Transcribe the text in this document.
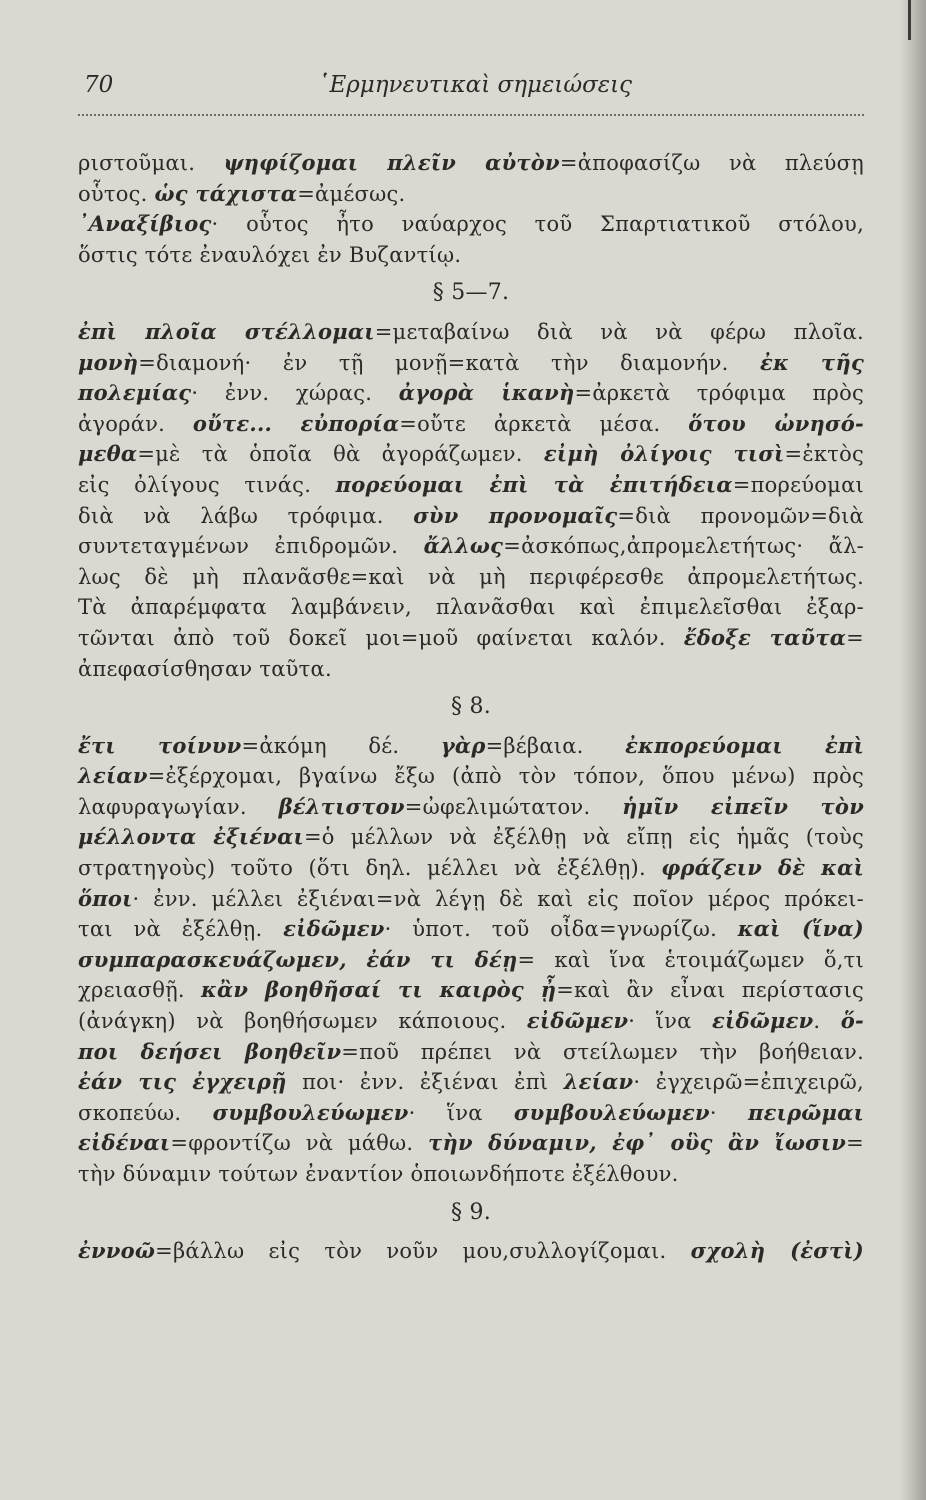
70	῾Ερμηνευτικαὶ σημειώσεις
ριστοῦμαι. ψηφίζομαι πλεῖν αὐτὸν=ἀποφασίζω νὰ πλεύσῃ
οὗτος. ὡς τάχιστα=ἀμέσως.
᾿Αναξίβιος· οὗτος ἦτο ναύαρχος τοῦ Σπαρτιατικοῦ στόλου,
ὅστις τότε ἐναυλόχει ἐν Βυζαντίῳ.
§ 5—7.
ἐπὶ πλοῖα στέλλομαι=μεταβαίνω διὰ νὰ νὰ φέρω πλοῖα.
μονὴ=διαμονή· ἐν τῇ μονῇ=κατὰ τὴν διαμονήν. ἐκ τῆς
πολεμίας· ἐνν. χώρας. ἀγορὰ ἱκανὴ=ἀρκετὰ τρόφιμα πρὸς
ἀγοράν. οὔτε... εὐπορία=οὔτε ἀρκετὰ μέσα. ὅτου ὠνησό-
μεθα=μὲ τὰ ὁποῖα θὰ ἀγοράζωμεν. εἰμὴ ὀλίγοις τισὶ=ἐκτὸς
εἰς ὀλίγους τινάς. πορεύομαι ἐπὶ τὰ ἐπιτήδεια=πορεύομαι
διὰ νὰ λάβω τρόφιμα. σὺν προνομαῖς=διὰ προνομῶν=διὰ
συντεταγμένων ἐπιδρομῶν. ἄλλως=ἀσκόπως,ἀπρομελετήτως· ἄλ-
λως δὲ μὴ πλανᾶσθε=καὶ νὰ μὴ περιφέρεσθε ἀπρομελετήτως.
Τὰ ἀπαρέμφατα λαμβάνειν, πλανᾶσθαι καὶ ἐπιμελεῖσθαι ἐξαρ-
τῶνται ἀπὸ τοῦ δοκεῖ μοι=μοῦ φαίνεται καλόν. ἔδοξε ταῦτα=
ἀπεφασίσθησαν ταῦτα.
§ 8.
ἔτι τοίνυν=ἀκόμη δέ. γὰρ=βέβαια. ἐκπορεύομαι ἐπὶ
λείαν=ἐξέρχομαι, βγαίνω ἔξω (ἀπὸ τὸν τόπον, ὅπου μένω) πρὸς
λαφυραγωγίαν. βέλτιστον=ὠφελιμώτατον. ἡμῖν εἰπεῖν τὸν
μέλλοντα ἐξιέναι=ὁ μέλλων νὰ ἐξέλθῃ νὰ εἴπῃ εἰς ἡμᾶς (τοὺς
στρατηγοὺς) τοῦτο (ὅτι δηλ. μέλλει νὰ ἐξέλθῃ). φράζειν δὲ καὶ
ὅποι· ἐνν. μέλλει ἐξιέναι=νὰ λέγῃ δὲ καὶ εἰς ποῖον μέρος πρόκει-
ται νὰ ἐξέλθῃ. εἰδῶμεν· ὑποτ. τοῦ οἶδα=γνωρίζω. καὶ (ἵνα)
συμπαρασκευάζωμεν, ἐάν τι δέῃ= καὶ ἵνα ἑτοιμάζωμεν ὅ,τι
χρειασθῇ. κἂν βοηθῆσαί τι καιρὸς ᾖ=καὶ ἂν εἶναι περίστασις
(ἀνάγκη) νὰ βοηθήσωμεν κάποιους. εἰδῶμεν· ἵνα εἰδῶμεν. ὅ-
ποι δεήσει βοηθεῖν=ποῦ πρέπει νὰ στείλωμεν τὴν βοήθειαν.
ἐάν τις ἐγχειρῇ ποι· ἐνν. ἐξιέναι ἐπὶ λείαν· ἐγχειρῶ=ἐπιχειρῶ,
σκοπεύω. συμβουλεύωμεν· ἵνα συμβουλεύωμεν· πειρῶμαι
εἰδέναι=φροντίζω νὰ μάθω. τὴν δύναμιν, ἐφ᾿ οὓς ἂν ἴωσιν=
τὴν δύναμιν τούτων ἐναντίον ὁποιωνδήποτε ἐξέλθουν.
§ 9.
ἐννοῶ=βάλλω εἰς τὸν νοῦν μου,συλλογίζομαι. σχολὴ (ἐστὶ)
